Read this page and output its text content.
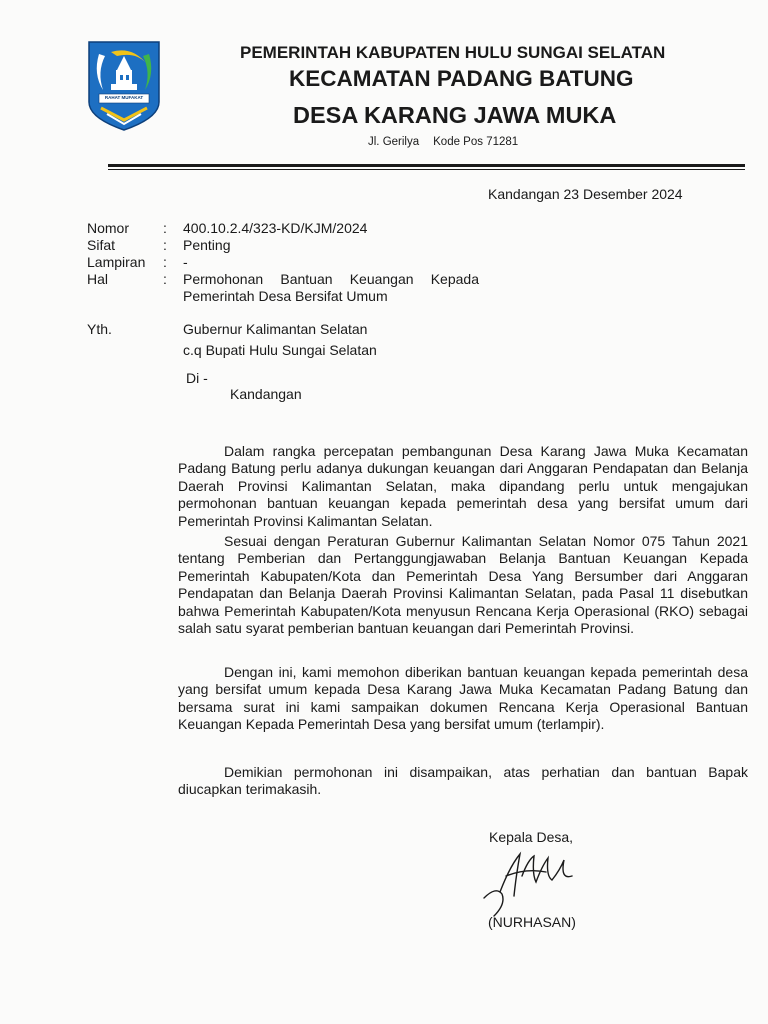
RAHAT MUFAKAT
PEMERINTAH KABUPATEN HULU SUNGAI SELATAN
KECAMATAN PADANG BATUNG
DESA KARANG JAWA MUKA
Jl. Gerilya Kode Pos 71281
Kandangan 23 Desember 2024
Nomor : 400.10.2.4/323-KD/KJM/2024
Sifat	: Penting
Lampiran : -
Hal	: Permohonan Bantuan Keuangan Kepada
Pemerintah Desa Bersifat Umum
Yth.	Gubernur Kalimantan Selatan
c.q Bupati Hulu Sungai Selatan
Di -
Kandangan
Dalam rangka percepatan pembangunan Desa Karang Jawa Muka Kecamatan Padang Batung perlu adanya dukungan keuangan dari Anggaran Pendapatan dan Belanja Daerah Provinsi Kalimantan Selatan, maka dipandang perlu untuk mengajukan permohonan bantuan keuangan kepada pemerintah desa yang bersifat umum dari Pemerintah Provinsi Kalimantan Selatan.
Sesuai dengan Peraturan Gubernur Kalimantan Selatan Nomor 075 Tahun 2021 tentang Pemberian dan Pertanggungjawaban Belanja Bantuan Keuangan Kepada Pemerintah Kabupaten/Kota dan Pemerintah Desa Yang Bersumber dari Anggaran Pendapatan dan Belanja Daerah Provinsi Kalimantan Selatan, pada Pasal 11 disebutkan bahwa Pemerintah Kabupaten/Kota menyusun Rencana Kerja Operasional (RKO) sebagai salah satu syarat pemberian bantuan keuangan dari Pemerintah Provinsi.
Dengan ini, kami memohon diberikan bantuan keuangan kepada pemerintah desa yang bersifat umum kepada Desa Karang Jawa Muka Kecamatan Padang Batung dan bersama surat ini kami sampaikan dokumen Rencana Kerja Operasional Bantuan Keuangan Kepada Pemerintah Desa yang bersifat umum (terlampir).
Demikian permohonan ini disampaikan, atas perhatian dan bantuan Bapak diucapkan terimakasih.
Kepala Desa,
(NURHASAN)
